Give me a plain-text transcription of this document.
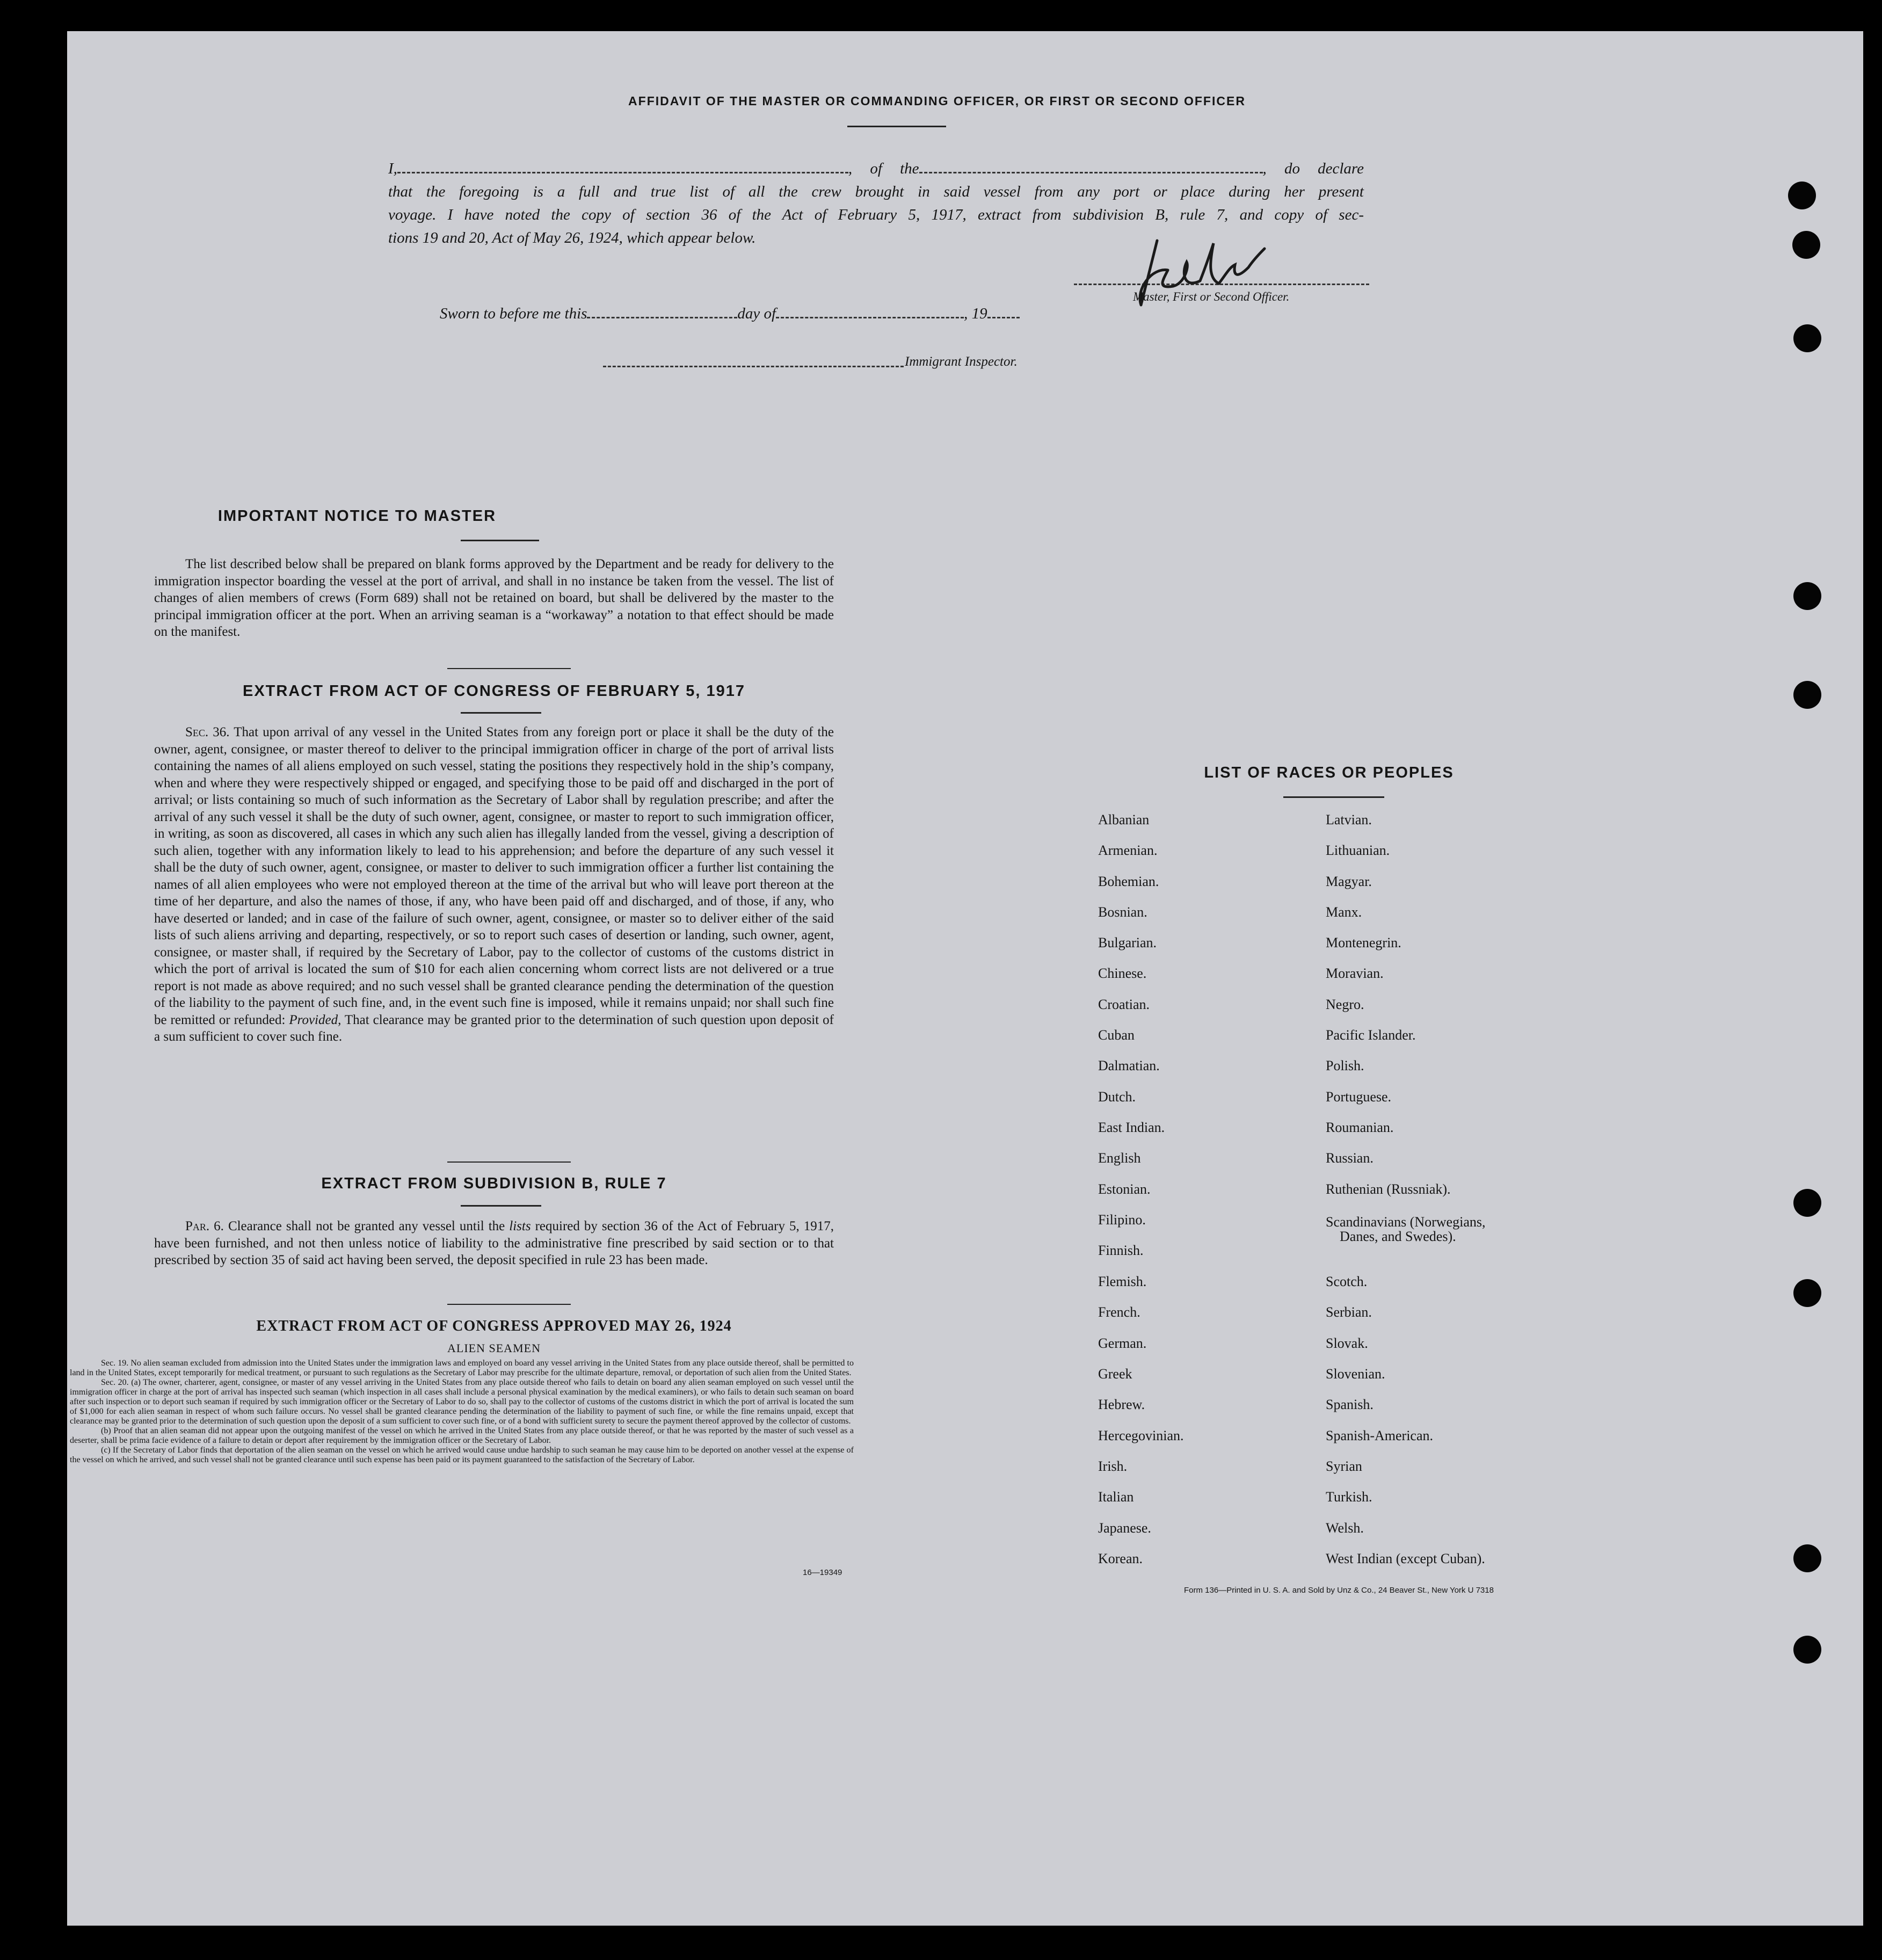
AFFIDAVIT OF THE MASTER OR COMMANDING OFFICER, OR FIRST OR SECOND OFFICER
I,	, of the	, do declare
that the foregoing is a full and true list of all the crew brought in said vessel from any port or place during her present
voyage. I have noted the copy of section 36 of the Act of February 5, 1917, extract from subdivision B, rule 7, and copy of sec-
tions 19 and 20, Act of May 26, 1924, which appear below.
Master, First or Second Officer.
Sworn to before me this	day of	, 19
Immigrant Inspector.
IMPORTANT NOTICE TO MASTER
The list described below shall be prepared on blank forms approved by the Department and be ready for delivery to the immigration inspector boarding the vessel at the port of arrival, and shall in no instance be taken from the vessel. The list of changes of alien members of crews (Form 689) shall not be retained on board, but shall be delivered by the master to the principal immigration officer at the port. When an arriving seaman is a “workaway” a notation to that effect should be made on the manifest.
EXTRACT FROM ACT OF CONGRESS OF FEBRUARY 5, 1917
Sec. 36. That upon arrival of any vessel in the United States from any foreign port or place it shall be the duty of the owner, agent, consignee, or master thereof to deliver to the principal immigration officer in charge of the port of arrival lists containing the names of all aliens employed on such vessel, stating the positions they respectively hold in the ship’s company, when and where they were respectively shipped or engaged, and specifying those to be paid off and discharged in the port of arrival; or lists containing so much of such information as the Secretary of Labor shall by regulation prescribe; and after the arrival of any such vessel it shall be the duty of such owner, agent, consignee, or master to report to such immigration officer, in writing, as soon as discovered, all cases in which any such alien has illegally landed from the vessel, giving a description of such alien, together with any information likely to lead to his apprehension; and before the departure of any such vessel it shall be the duty of such owner, agent, consignee, or master to deliver to such immigration officer a further list containing the names of all alien employees who were not employed thereon at the time of the arrival but who will leave port thereon at the time of her departure, and also the names of those, if any, who have been paid off and discharged, and of those, if any, who have deserted or landed; and in case of the failure of such owner, agent, consignee, or master so to deliver either of the said lists of such aliens arriving and departing, respectively, or so to report such cases of desertion or landing, such owner, agent, consignee, or master shall, if required by the Secretary of Labor, pay to the collector of customs of the customs district in which the port of arrival is located the sum of $10 for each alien concerning whom correct lists are not delivered or a true report is not made as above required; and no such vessel shall be granted clearance pending the determination of the question of the liability to the payment of such fine, and, in the event such fine is imposed, while it remains unpaid; nor shall such fine be remitted or refunded: Provided, That clearance may be granted prior to the determination of such question upon deposit of a sum sufficient to cover such fine.
EXTRACT FROM SUBDIVISION B, RULE 7
Par. 6. Clearance shall not be granted any vessel until the lists required by section 36 of the Act of February 5, 1917, have been furnished, and not then unless notice of liability to the administrative fine prescribed by said section or to that prescribed by section 35 of said act having been served, the deposit specified in rule 23 has been made.
EXTRACT FROM ACT OF CONGRESS APPROVED MAY 26, 1924
ALIEN SEAMEN
Sec. 19. No alien seaman excluded from admission into the United States under the immigration laws and employed on board any vessel arriving in the United States from any place outside thereof, shall be permitted to land in the United States, except temporarily for medical treatment, or pursuant to such regulations as the Secretary of Labor may prescribe for the ultimate departure, removal, or deportation of such alien from the United States.
Sec. 20. (a) The owner, charterer, agent, consignee, or master of any vessel arriving in the United States from any place outside thereof who fails to detain on board any alien seaman employed on such vessel until the immigration officer in charge at the port of arrival has inspected such seaman (which inspection in all cases shall include a personal physical examination by the medical examiners), or who fails to detain such seaman on board after such inspection or to deport such seaman if required by such immigration officer or the Secretary of Labor to do so, shall pay to the collector of customs of the customs district in which the port of arrival is located the sum of $1,000 for each alien seaman in respect of whom such failure occurs. No vessel shall be granted clearance pending the determination of the liability to payment of such fine, or while the fine remains unpaid, except that clearance may be granted prior to the determination of such question upon the deposit of a sum sufficient to cover such fine, or of a bond with sufficient surety to secure the payment thereof approved by the collector of customs.
(b) Proof that an alien seaman did not appear upon the outgoing manifest of the vessel on which he arrived in the United States from any place outside thereof, or that he was reported by the master of such vessel as a deserter, shall be prima facie evidence of a failure to detain or deport after requirement by the immigration officer or the Secretary of Labor.
(c) If the Secretary of Labor finds that deportation of the alien seaman on the vessel on which he arrived would cause undue hardship to such seaman he may cause him to be deported on another vessel at the expense of the vessel on which he arrived, and such vessel shall not be granted clearance until such expense has been paid or its payment guaranteed to the satisfaction of the Secretary of Labor.
16—19349
LIST OF RACES OR PEOPLES
Albanian	Latvian.
Armenian.	Lithuanian.
Bohemian.	Magyar.
Bosnian.	Manx.
Bulgarian.	Montenegrin.
Chinese.	Moravian.
Croatian.	Negro.
Cuban	Pacific Islander.
Dalmatian.	Polish.
Dutch.	Portuguese.
East Indian.	Roumanian.
English	Russian.
Estonian.	Ruthenian (Russniak).
Filipino.	Scandinavians (Norwegians,
Finnish.
Danes, and Swedes).
Flemish.	Scotch.
French.	Serbian.
German.	Slovak.
Greek	Slovenian.
Hebrew.	Spanish.
Hercegovinian.	Spanish-American.
Irish.	Syrian
Italian	Turkish.
Japanese.	Welsh.
Korean.	West Indian (except Cuban).
Form 136—Printed in U. S. A. and Sold by Unz & Co., 24 Beaver St., New York U 7318
